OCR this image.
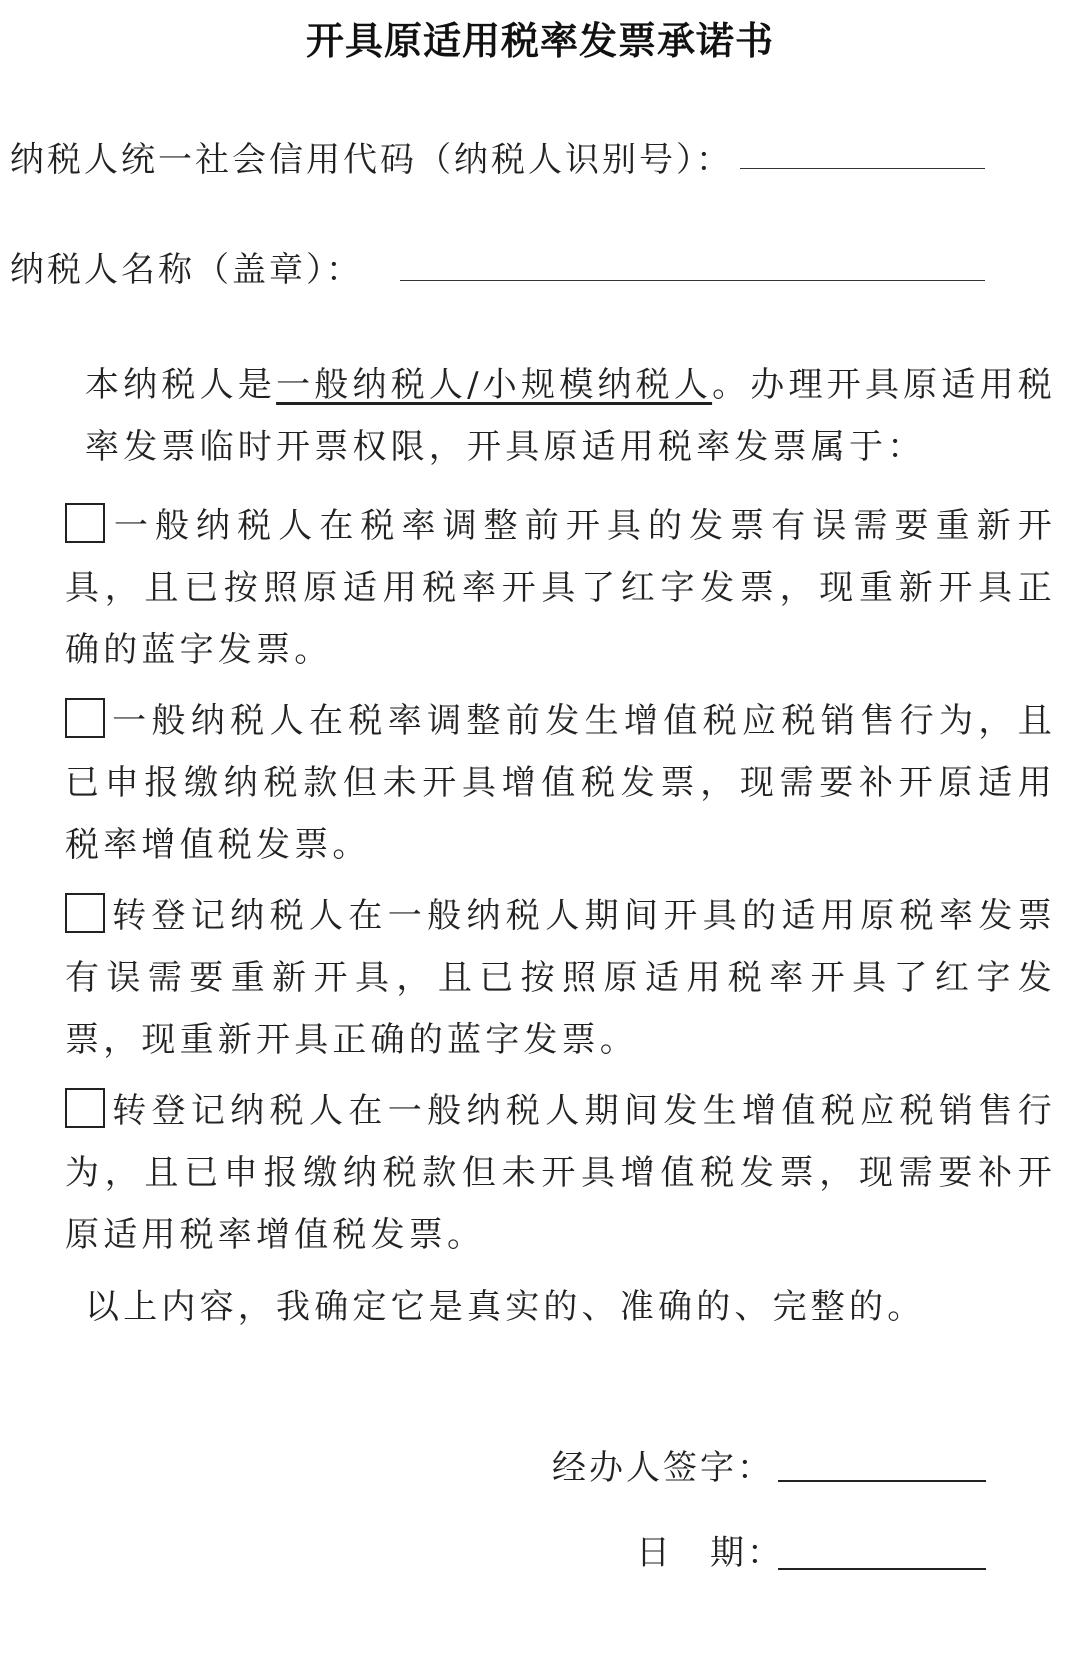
开具原适用税率发票承诺书
纳税人统一社会信用代码（纳税人识别号）：
纳税人名称（盖章）：
本纳税人是一般纳税人/小规模纳税人。办理开具原适用税率发票临时开票权限，开具原适用税率发票属于：
一般纳税人在税率调整前开具的发票有误需要重新开具，且已按照原适用税率开具了红字发票，现重新开具正确的蓝字发票。
一般纳税人在税率调整前发生增值税应税销售行为，且已申报缴纳税款但未开具增值税发票，现需要补开原适用税率增值税发票。
转登记纳税人在一般纳税人期间开具的适用原税率发票有误需要重新开具，且已按照原适用税率开具了红字发票，现重新开具正确的蓝字发票。
转登记纳税人在一般纳税人期间发生增值税应税销售行为，且已申报缴纳税款但未开具增值税发票，现需要补开原适用税率增值税发票。
以上内容，我确定它是真实的、准确的、完整的。
经办人签字：
日　期：
